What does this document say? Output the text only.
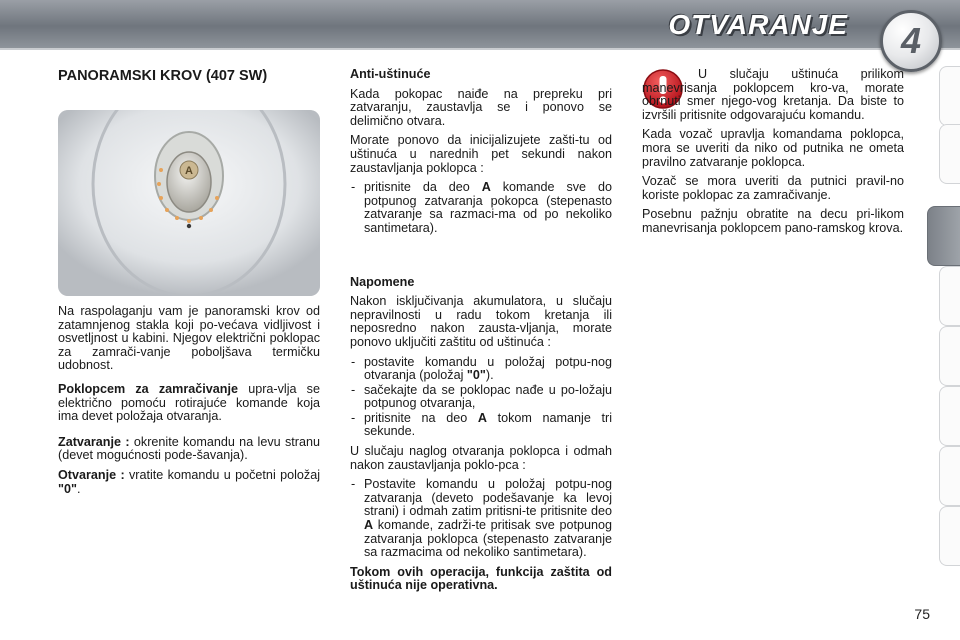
OTVARANJE	4
PANORAMSKI KROV (407 SW)
A

Na raspolaganju vam je panoramski krov od zatamnjenog stakla koji po-većava vidljivost i osvetljnost u kabini. Njegov električni poklopac za zamrači-vanje poboljšava termičku udobnost.

Poklopcem za zamračivanje upra-vlja se električno pomoću rotirajuće komande koja ima devet položaja otvaranja.

Zatvaranje : okrenite komandu na levu stranu (devet mogućnosti pode-šavanja).

Otvaranje : vratite komandu u početni položaj "0".

Anti-uštinuće

Kada pokopac naiđe na prepreku pri zatvaranju, zaustavlja se i ponovo se delimično otvara.

Morate ponovo da inicijalizujete zašti-tu od uštinuća u narednih pet sekundi nakon zaustavljanja poklopca :

- pritisnite da deo A komande sve do potpunog zatvaranja pokopca (stepenasto zatvaranje sa razmaci-ma od po nekoliko santimetara).

Napomene

Nakon isključivanja akumulatora, u slučaju nepravilnosti u radu tokom kretanja ili neposredno nakon zausta-vljanja, morate ponovo uključiti zaštitu od uštinuća :

- postavite komandu u položaj potpu-nog otvaranja (položaj "0").
- sačekajte da se poklopac nađe u po-ložaju potpunog otvaranja,
- pritisnite na deo A tokom namanje tri sekunde.

U slučaju naglog otvaranja poklopca i odmah nakon zaustavljanja poklo-pca :

- Postavite komandu u položaj potpu-nog zatvaranja (deveto podešavanje ka levoj strani) i odmah zatim pritisni-te pritisnite deo A komande, zadrži-te pritisak sve potpunog zatvaranja poklopca (stepenasto zatvaranje sa razmacima od nekoliko santimetara).

Tokom ovih operacija, funkcija zaštita od uštinuća nije operativna.

U slučaju uštinuća prilikom manevrisanja poklopcem kro-va, morate obrnuti smer njego-vog kretanja. Da biste to izvršili pritisnite odgovarajuću komandu.

Kada vozač upravlja komandama poklopca, mora se uveriti da niko od putnika ne ometa pravilno zatvaranje poklopca.

Vozač se mora uveriti da putnici pravil-no koriste poklopac za zamračivanje.

Posebnu pažnju obratite na decu pri-likom manevrisanja poklopcem pano-ramskog krova.

75
